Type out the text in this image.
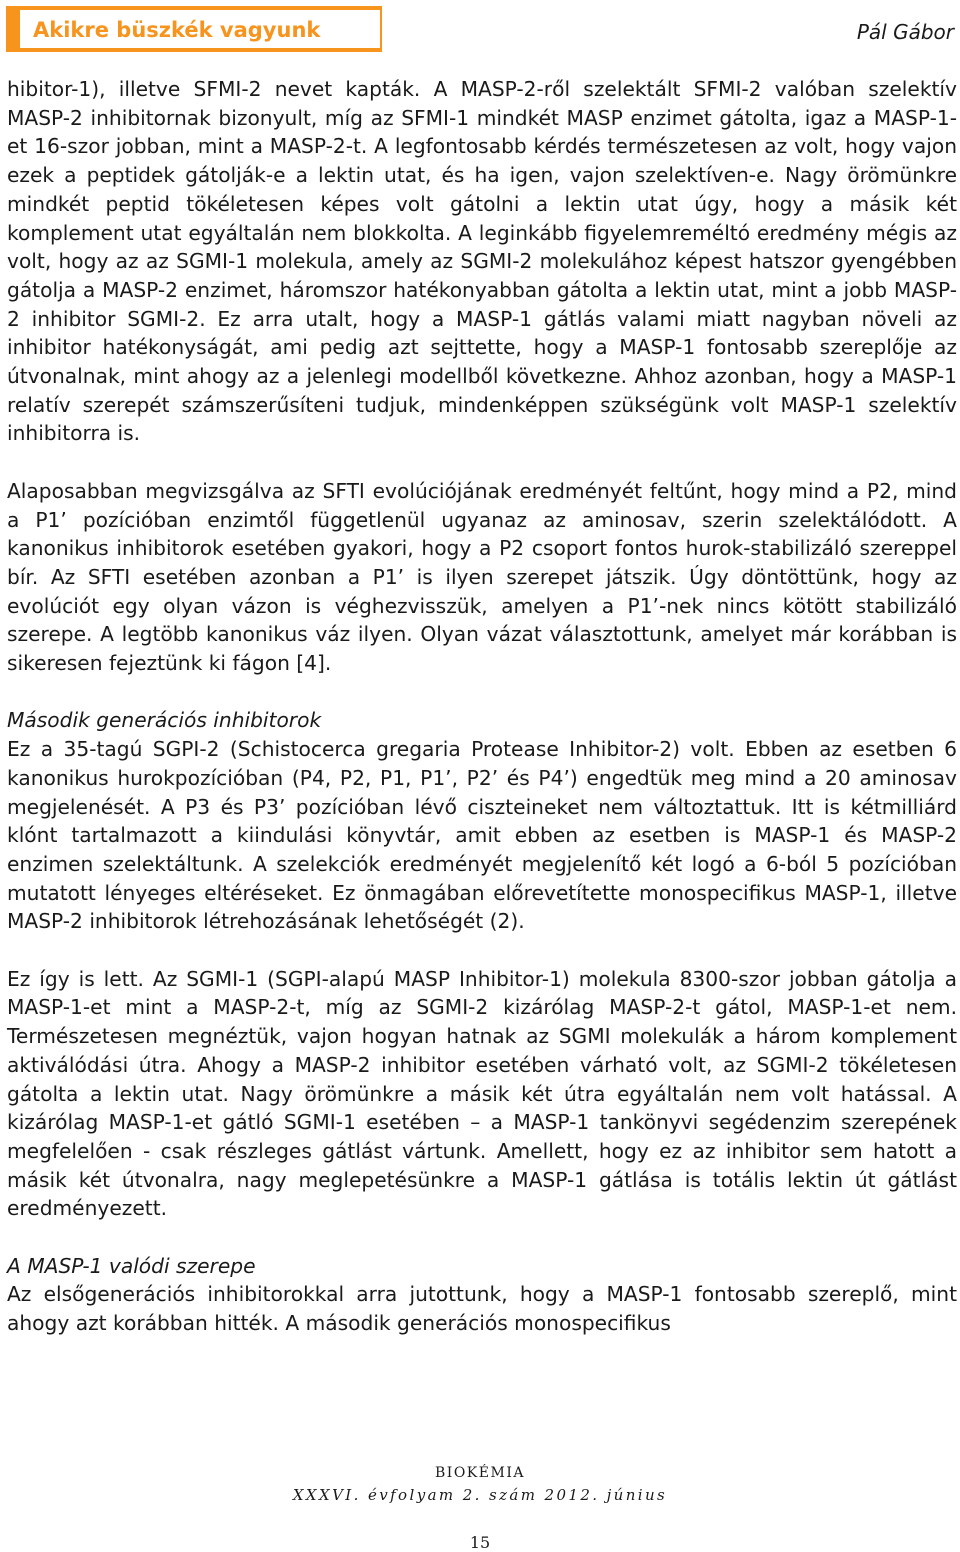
Akikre büszkék vagyunk	Pál Gábor

hibitor-1), illetve SFMI-2 nevet kapták. A MASP-2-ről szelektált SFMI-2 valóban szelektív MASP-2 inhibitornak bizonyult, míg az SFMI-1 mindkét MASP enzimet gátolta, igaz a MASP-1-et 16-szor jobban, mint a MASP-2-t. A legfontosabb kérdés természetesen az volt, hogy vajon ezek a peptidek gátolják-e a lektin utat, és ha igen, vajon szelektíven-e. Nagy örömünkre mindkét peptid tökéletesen képes volt gátolni a lektin utat úgy, hogy a másik két komplement utat egyáltalán nem blokkolta. A leginkább figyelemreméltó eredmény mégis az volt, hogy az az SGMI-1 molekula, amely az SGMI-2 molekulához képest hatszor gyengébben gátolja a MASP-2 enzimet, háromszor hatékonyabban gátolta a lektin utat, mint a jobb MASP-2 inhibitor SGMI-2. Ez arra utalt, hogy a MASP-1 gátlás valami miatt nagyban növeli az inhibitor hatékonyságát, ami pedig azt sejttette, hogy a MASP-1 fontosabb szereplője az útvonalnak, mint ahogy az a jelenlegi modellből következne. Ahhoz azonban, hogy a MASP-1 relatív szerepét számszerűsíteni tudjuk, mindenképpen szükségünk volt MASP-1 szelektív inhibitorra is.

Alaposabban megvizsgálva az SFTI evolúciójának eredményét feltűnt, hogy mind a P2, mind a P1’ pozícióban enzimtől függetlenül ugyanaz az aminosav, szerin szelektálódott. A kanonikus inhibitorok esetében gyakori, hogy a P2 csoport fontos hurok-stabilizáló szereppel bír. Az SFTI esetében azonban a P1’ is ilyen szerepet játszik. Úgy döntöttünk, hogy az evolúciót egy olyan vázon is véghezvisszük, amelyen a P1’-nek nincs kötött stabilizáló szerepe. A legtöbb kanonikus váz ilyen. Olyan vázat választottunk, amelyet már korábban is sikeresen fejeztünk ki fágon [4].

Második generációs inhibitorok

Ez a 35-tagú SGPI-2 (Schistocerca gregaria Protease Inhibitor-2) volt. Ebben az esetben 6 kanonikus hurokpozícióban (P4, P2, P1, P1’, P2’ és P4’) engedtük meg mind a 20 aminosav megjelenését. A P3 és P3’ pozícióban lévő ciszteineket nem változtattuk. Itt is kétmilliárd klónt tartalmazott a kiindulási könyvtár, amit ebben az esetben is MASP-1 és MASP-2 enzimen szelektáltunk. A szelekciók eredményét megjelenítő két logó a 6-ból 5 pozícióban mutatott lényeges eltéréseket. Ez önmagában előrevetítette monospecifikus MASP-1, illetve MASP-2 inhibitorok létrehozásának lehetőségét (2).

Ez így is lett. Az SGMI-1 (SGPI-alapú MASP Inhibitor-1) molekula 8300-szor jobban gátolja a MASP-1-et mint a MASP-2-t, míg az SGMI-2 kizárólag MASP-2-t gátol, MASP-1-et nem. Természetesen megnéztük, vajon hogyan hatnak az SGMI molekulák a három komplement aktiválódási útra. Ahogy a MASP-2 inhibitor esetében várható volt, az SGMI-2 tökéletesen gátolta a lektin utat. Nagy örömünkre a másik két útra egyáltalán nem volt hatással. A kizárólag MASP-1-et gátló SGMI-1 esetében – a MASP-1 tankönyvi segédenzim szerepének megfelelően - csak részleges gátlást vártunk. Amellett, hogy ez az inhibitor sem hatott a másik két útvonalra, nagy meglepetésünkre a MASP-1 gátlása is totális lektin út gátlást eredményezett.

A MASP-1 valódi szerepe

Az elsőgenerációs inhibitorokkal arra jutottunk, hogy a MASP-1 fontosabb szereplő, mint ahogy azt korábban hitték. A második generációs monospecifikus

BIOKÉMIA
XXXVI. évfolyam 2. szám 2012. június
15
